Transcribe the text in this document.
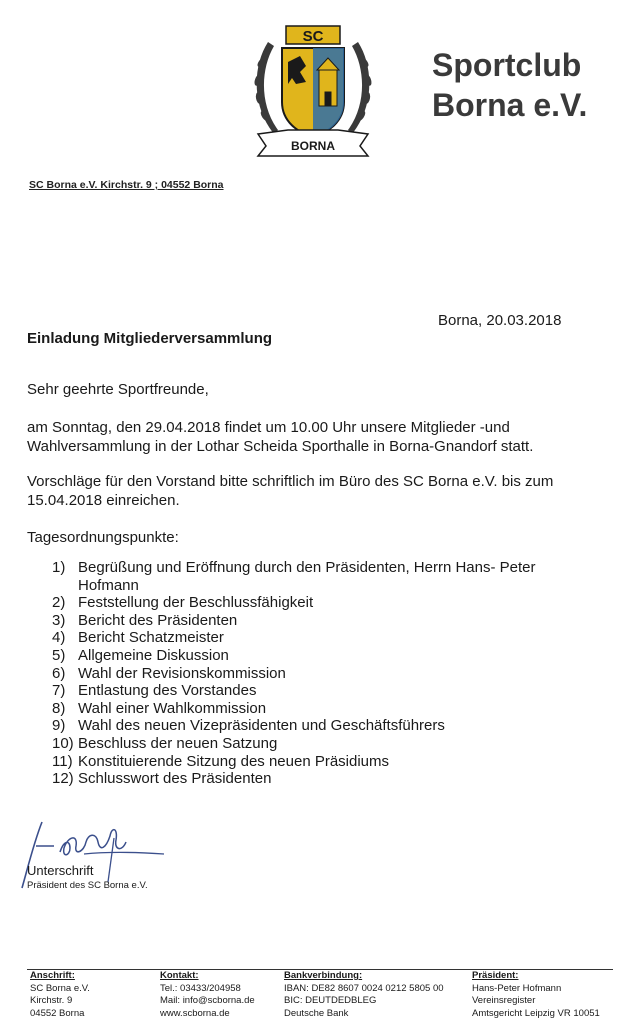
SC
BORNA
Sportclub
Borna e.V.
SC Borna e.V. Kirchstr. 9 ; 04552 Borna
Borna, 20.03.2018
Einladung Mitgliederversammlung
Sehr geehrte Sportfreunde,
am Sonntag, den 29.04.2018 findet um 10.00 Uhr unsere Mitglieder -und
Wahlversammlung in der Lothar Scheida Sporthalle in Borna-Gnandorf statt.
Vorschläge für den Vorstand bitte schriftlich im Büro des SC Borna e.V. bis zum
15.04.2018 einreichen.
Tagesordnungspunkte:
1) Begrüßung und Eröffnung durch den Präsidenten, Herrn Hans- Peter
Hofmann
2) Feststellung der Beschlussfähigkeit
3) Bericht des Präsidenten
4) Bericht Schatzmeister
5) Allgemeine Diskussion
6) Wahl der Revisionskommission
7) Entlastung des Vorstandes
8) Wahl einer Wahlkommission
9) Wahl des neuen Vizepräsidenten und Geschäftsführers
10) Beschluss der neuen Satzung
11) Konstituierende Sitzung des neuen Präsidiums
12) Schlusswort des Präsidenten
Unterschrift
Präsident des SC Borna e.V.
Anschrift:
SC Borna e.V.
Kirchstr. 9
04552 Borna
Kontakt:
Tel.: 03433/204958
Mail: info@scborna.de
www.scborna.de
Bankverbindung:
IBAN: DE82 8607 0024 0212 5805 00
BIC: DEUTDEDBLEG
Deutsche Bank
Präsident:
Hans-Peter Hofmann
Vereinsregister
Amtsgericht Leipzig VR 10051
